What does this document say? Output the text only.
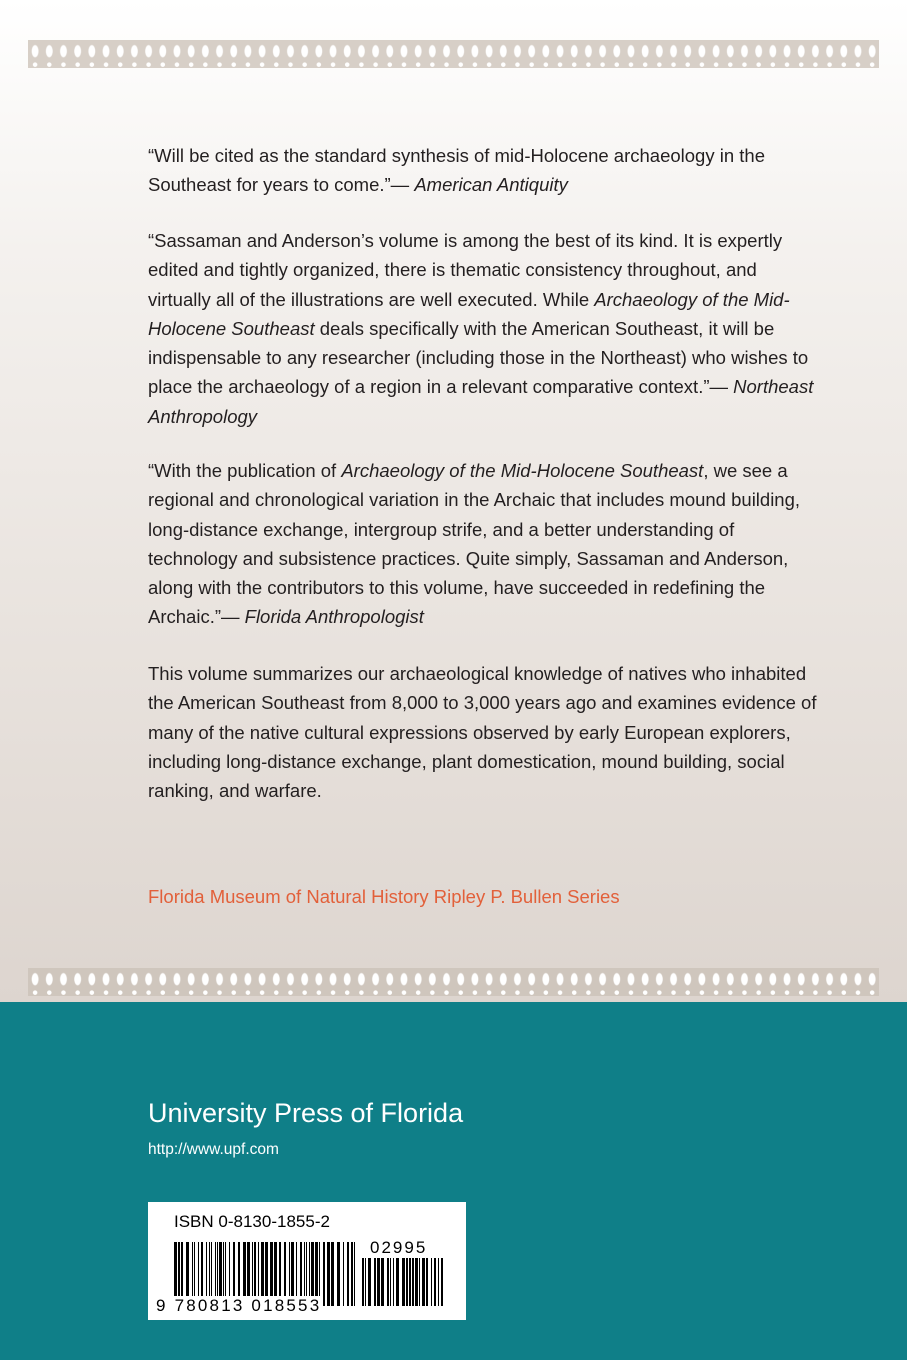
“Will be cited as the standard synthesis of mid-Holocene archaeology in the Southeast for years to come.”— American Antiquity

“Sassaman and Anderson’s volume is among the best of its kind. It is expertly edited and tightly organized, there is thematic consistency throughout, and virtually all of the illustrations are well executed. While Archaeology of the Mid-Holocene Southeast deals specifically with the American Southeast, it will be indispensable to any researcher (including those in the Northeast) who wishes to place the archaeology of a region in a relevant comparative context.”— Northeast Anthropology

“With the publication of Archaeology of the Mid-Holocene Southeast, we see a regional and chronological variation in the Archaic that includes mound building, long-distance exchange, intergroup strife, and a better understanding of technology and subsistence practices. Quite simply, Sassaman and Anderson, along with the contributors to this volume, have succeeded in redefining the Archaic.”— Florida Anthropologist

This volume summarizes our archaeological knowledge of natives who inhabited the American Southeast from 8,000 to 3,000 years ago and examines evidence of many of the native cultural expressions observed by early European explorers, including long-distance exchange, plant domestication, mound building, social ranking, and warfare.

Florida Museum of Natural History Ripley P. Bullen Series
University Press of Florida
http://www.upf.com
ISBN 0-8130-1855-2
02995
9 780813 018553
